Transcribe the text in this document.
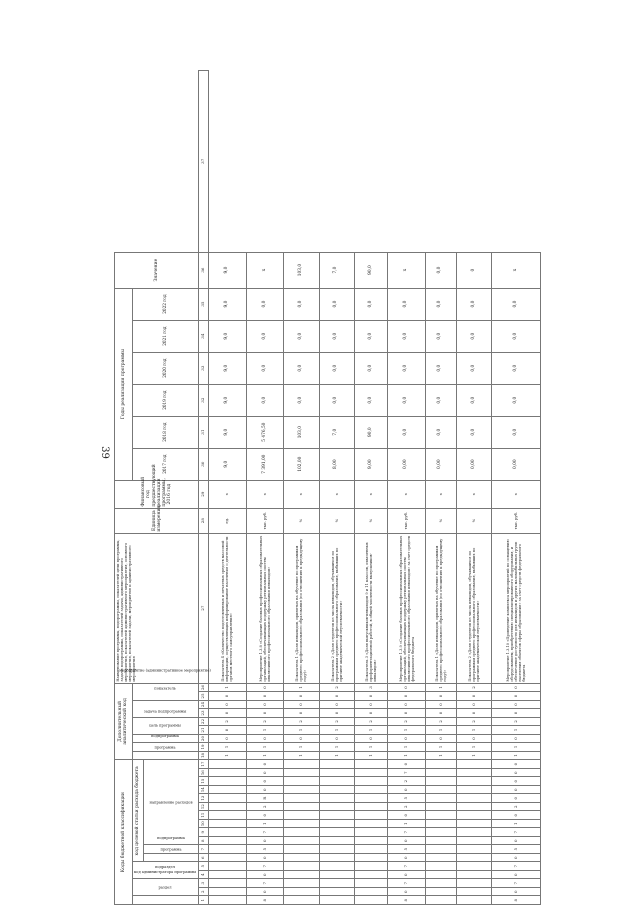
39
Коды бюджетной классификации																	Дополнительный аналитический код									Наименование программы, подпрограммы, показателей цели программы, задачи подпрограммы, показателей задачи, административного мероприятия, показателей административного мероприятия, основного мероприятия, показателей задачи, мероприятия и административного мероприятия	Единица измерения	Финансовый год предшествующий реализации программы, 2016 год	Годы реализации программы						Значение	
код администратора программы	раздел		подраздел		код целевой статьи расхода бюджета												программа	подпрограмма	цель программы	задача подпрограммы		мероприятие (административное мероприятие)		показатель					2017 год	2018 год	2019 год	2020 год	2021 год	2022 год		
					программа	подпрограмма	направление расходов																													

1	2	3	4	5	6	7	8	9	10	11	12	13	14	15	16	17	18	19	20	21	22	23	24	25	26	27	28	29	30	31	32	33	34	35	36	37
																	1	1	0	0	2	0	0	0	1	Показатель 4 «Количество подготовленных и печатных средств массовой информации, осуществляющих информирование населения о деятельности органов местного самоуправления»	ед.	x	9,0	9,0	9,0	9,0	9,0	9,0	9,0	
8	0	7	0	7	0	5	0	7	1	0	2	R	0	0	0	0	1	1	0	1	2	0	0	0	0	Мероприятие 1.3.8 «Создание базовых профессиональных образовательных организаций, обеспечивающих поддержку региональных систем инклюзивного профессионального образования инвалидов»	тыс. руб.	x	7 391,00	5 476,50	0,0	0,0	0,0	0,0	x	
																	1	1	0	1	2	0	0	0	1	Показатель 1 «Доля инвалидов, принятых на обучение по программам среднего профессионального образования (по отношению к предыдущему году)»	%	x	102,00	103,0	0,0	0,0	0,0	0,0	103,0	
																	1	1	0	1	2	0	0	0	2	Показатель 2 «Доля студентов из числа инвалидов, обучавшихся по программам среднего профессионального образования, выбывших по причине академической неуспеваемости»	%	x	8,00	7,0	0,0	0,0	0,0	0,0	7,0	
																	1	1	0	1	2	0	0	0	3	Показатель 3 «Доля выпускников-инвалидов 9 и 11 классов, охваченных профориентационной работой, в общей численности выпускников-инвалидов»	%	x	9,00	90,0	0,0	0,0	0,0	0,0	90,0	
8	0	7	0	7	0	5	0	7	1	0	2	5	0	2	7	0	1	1	0	1	2	0	0	0	0	Мероприятие 1.3.9 «Создание базовых профессиональных образовательных организаций, обеспечивающих поддержку региональных систем инклюзивного профессионального образования инвалидов» за счет средств федерального бюджета	тыс. руб.	x	0,00	0,0	0,0	0,0	0,0	0,0	x	
																	1	1	0	1	2	0	0	0	1	Показатель 1 «Доля инвалидов, принятых на обучение по программам среднего профессионального образования (по отношению к предыдущему году)»	%	x	0,00	0,0	0,0	0,0	0,0	0,0	0,0	
																	1	1	0	1	2	0	0	0	2	Показатель 2 «Доля студентов из числа инвалидов, обучавшихся по программам среднего профессионального образования, выбывших по причине академической неуспеваемости»	%	x	0,00	0,0	0,0	0,0	0,0	0,0	0	
8	0	7	0	7	0	5	0	7	1	0	2	0	0	0	0	0	1	1	0	1	2	0	0	0	0	Мероприятие 1.3.10 «Проведение комплекса мероприятий по оснащению оборудованием, приобретению специализированного оборудования, и обеспечение доступности для инвалидов и других маломобильных групп населения объектов сферы образования» за счет средств федерального бюджета	тыс. руб.	x	0,00	0,0	0,0	0,0	0,0	0,0	x	
